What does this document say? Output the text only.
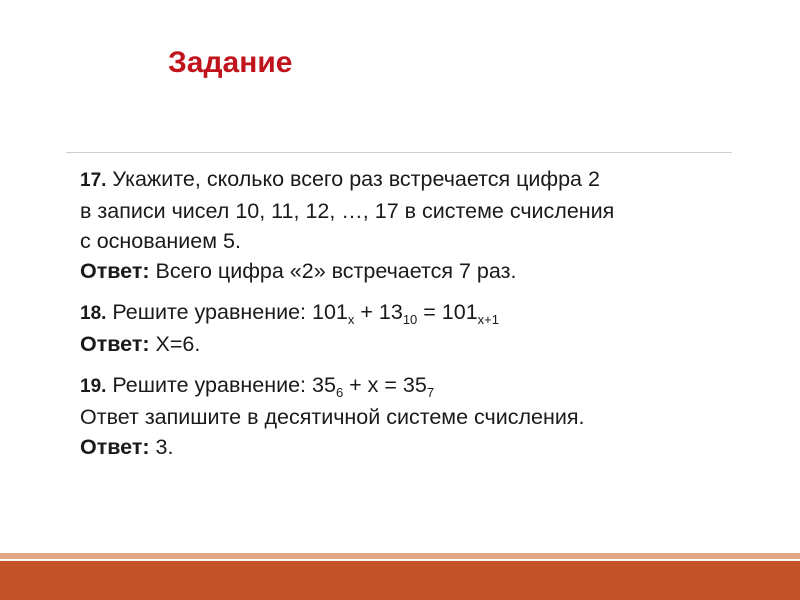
Задание
17. Укажите, сколько всего раз встречается цифра 2
в записи чисел 10, 11, 12, …, 17 в системе счисления
с основанием 5.
Ответ: Всего цифра «2» встречается 7 раз.
18. Решите уравнение: $101_x + 13_{10} = 101_{x+1}$
Ответ: X=6.
19. Решите уравнение: $35_6 + x = 35_7$
Ответ запишите в десятичной системе счисления.
Ответ: 3.
